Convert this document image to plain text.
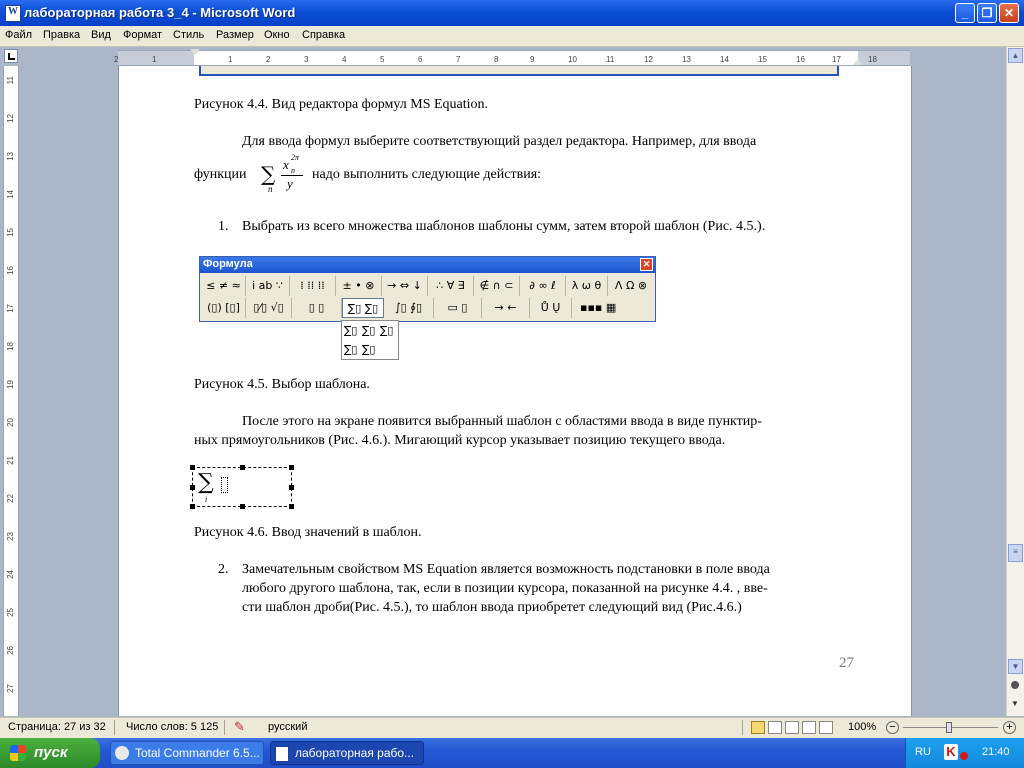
W
лабораторная работа 3_4 - Microsoft Word	_	❐ ✕
Файл Правка Вид Формат Стиль Размер Окно Справка
2	1	1	2	3	4	5	6	7	8	9	10	11	12	13	14	15	16	17	18
11
12
13
14
15
16
17
18
19
20
21
22
23
24
25
26
27
Рисунок 4.4. Вид редактора формул MS Equation.
Для ввода формул выберите соответствующий раздел редактора. Например, для ввода
функции ∑
n
x n
2π
y
надо выполнить следующие действия:
1. Выбрать из всего множества шаблонов шаблоны сумм, затем второй шаблон (Рис. 4.5.).
Формула	✕
≤ ≠ ≈	ı̇ ab ∵	⁞ ⁞⁞ ⁞⁞	± • ⊗	→ ⇔ ↓	∴ ∀ ∃	∉ ∩ ⊂	∂ ∞ ℓ	λ ω θ	Λ Ω ⊗
(▯) [▯]	▯⁄▯ √▯	▯ ▯	∑▯ ∑▯	∫▯ ∮▯	▭ ▯	→ ←	Ů Ų	▪▪▪ ▦
∑▯ ∑▯ ∑▯
∑▯ ∑▯
Рисунок 4.5. Выбор шаблона.
После этого на экране появится выбранный шаблон с областями ввода в виде пунктир-
ных прямоугольников (Рис. 4.6.). Мигающий курсор указывает позицию текущего ввода.
∑
i
Рисунок 4.6. Ввод значений в шаблон.
2. Замечательным свойством MS Equation является возможность подстановки в поле ввода
любого другого шаблона, так, если в позиции курсора, показанной на рисунке 4.4. , вве-
сти шаблон дроби(Рис. 4.5.), то шаблон ввода приобретет следующий вид (Рис.4.6.)
27
▲
≡
▼
▼
Страница: 27 из 32 Число слов: 5 125 ✎ русский	100% −	+
пуск	Total Commander 6.5...	лабораторная рабо...	RU K 21:40
